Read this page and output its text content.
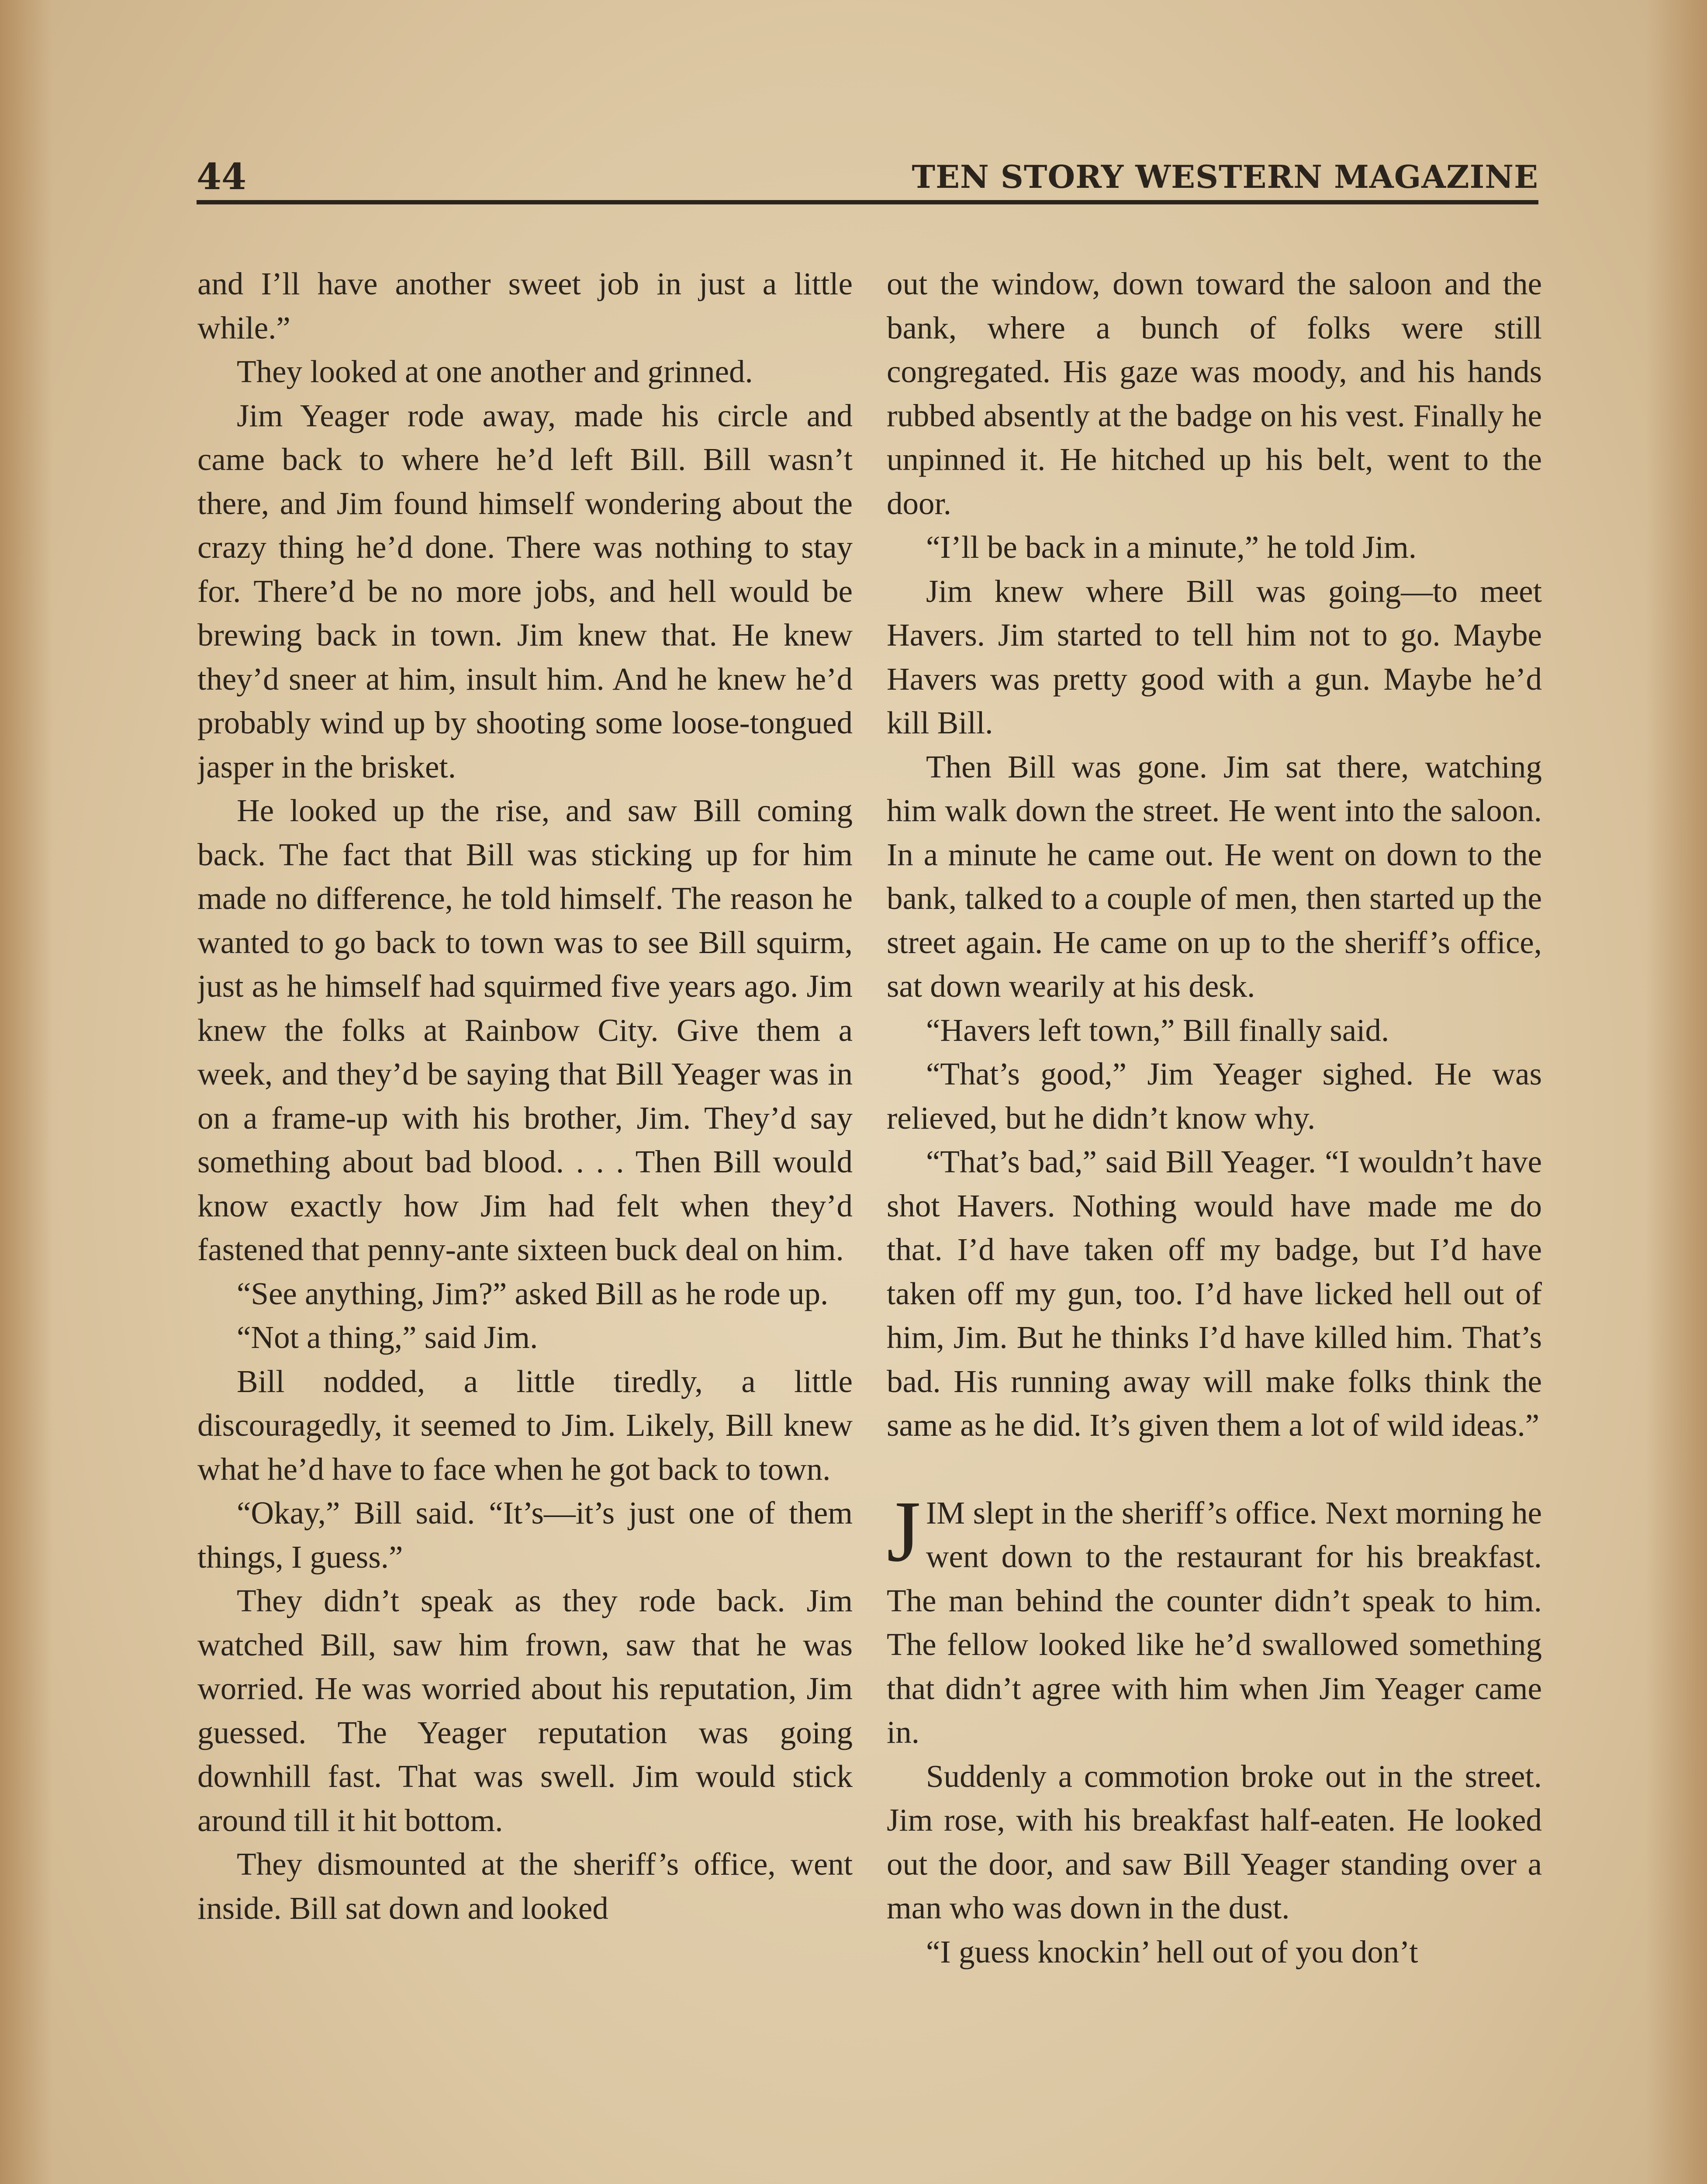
44	TEN STORY WESTERN MAGAZINE

and I’ll have another sweet job in just a little while.”

They looked at one another and grinned.

Jim Yeager rode away, made his circle and came back to where he’d left Bill. Bill wasn’t there, and Jim found himself wondering about the crazy thing he’d done. There was nothing to stay for. There’d be no more jobs, and hell would be brewing back in town. Jim knew that. He knew they’d sneer at him, insult him. And he knew he’d probably wind up by shooting some loose-tongued jasper in the brisket.

He looked up the rise, and saw Bill coming back. The fact that Bill was sticking up for him made no difference, he told himself. The reason he wanted to go back to town was to see Bill squirm, just as he himself had squirmed five years ago. Jim knew the folks at Rainbow City. Give them a week, and they’d be saying that Bill Yeager was in on a frame-up with his brother, Jim. They’d say something about bad blood. . . . Then Bill would know exactly how Jim had felt when they’d fastened that penny-ante sixteen buck deal on him.

“See anything, Jim?” asked Bill as he rode up.

“Not a thing,” said Jim.

Bill nodded, a little tiredly, a little discouragedly, it seemed to Jim. Likely, Bill knew what he’d have to face when he got back to town.

“Okay,” Bill said. “It’s—it’s just one of them things, I guess.”

They didn’t speak as they rode back. Jim watched Bill, saw him frown, saw that he was worried. He was worried about his reputation, Jim guessed. The Yeager reputation was going downhill fast. That was swell. Jim would stick around till it hit bottom.

They dismounted at the sheriff’s office, went inside. Bill sat down and looked

out the window, down toward the saloon and the bank, where a bunch of folks were still congregated. His gaze was moody, and his hands rubbed absently at the badge on his vest. Finally he unpinned it. He hitched up his belt, went to the door.

“I’ll be back in a minute,” he told Jim.

Jim knew where Bill was going—to meet Havers. Jim started to tell him not to go. Maybe Havers was pretty good with a gun. Maybe he’d kill Bill.

Then Bill was gone. Jim sat there, watching him walk down the street. He went into the saloon. In a minute he came out. He went on down to the bank, talked to a couple of men, then started up the street again. He came on up to the sheriff’s office, sat down wearily at his desk.

“Havers left town,” Bill finally said.

“That’s good,” Jim Yeager sighed. He was relieved, but he didn’t know why.

“That’s bad,” said Bill Yeager. “I wouldn’t have shot Havers. Nothing would have made me do that. I’d have taken off my badge, but I’d have taken off my gun, too. I’d have licked hell out of him, Jim. But he thinks I’d have killed him. That’s bad. His running away will make folks think the same as he did. It’s given them a lot of wild ideas.”

JIM slept in the sheriff’s office. Next morning he went down to the restaurant for his breakfast. The man behind the counter didn’t speak to him. The fellow looked like he’d swallowed something that didn’t agree with him when Jim Yeager came in.

Suddenly a commotion broke out in the street. Jim rose, with his breakfast half-eaten. He looked out the door, and saw Bill Yeager standing over a man who was down in the dust.

“I guess knockin’ hell out of you don’t
